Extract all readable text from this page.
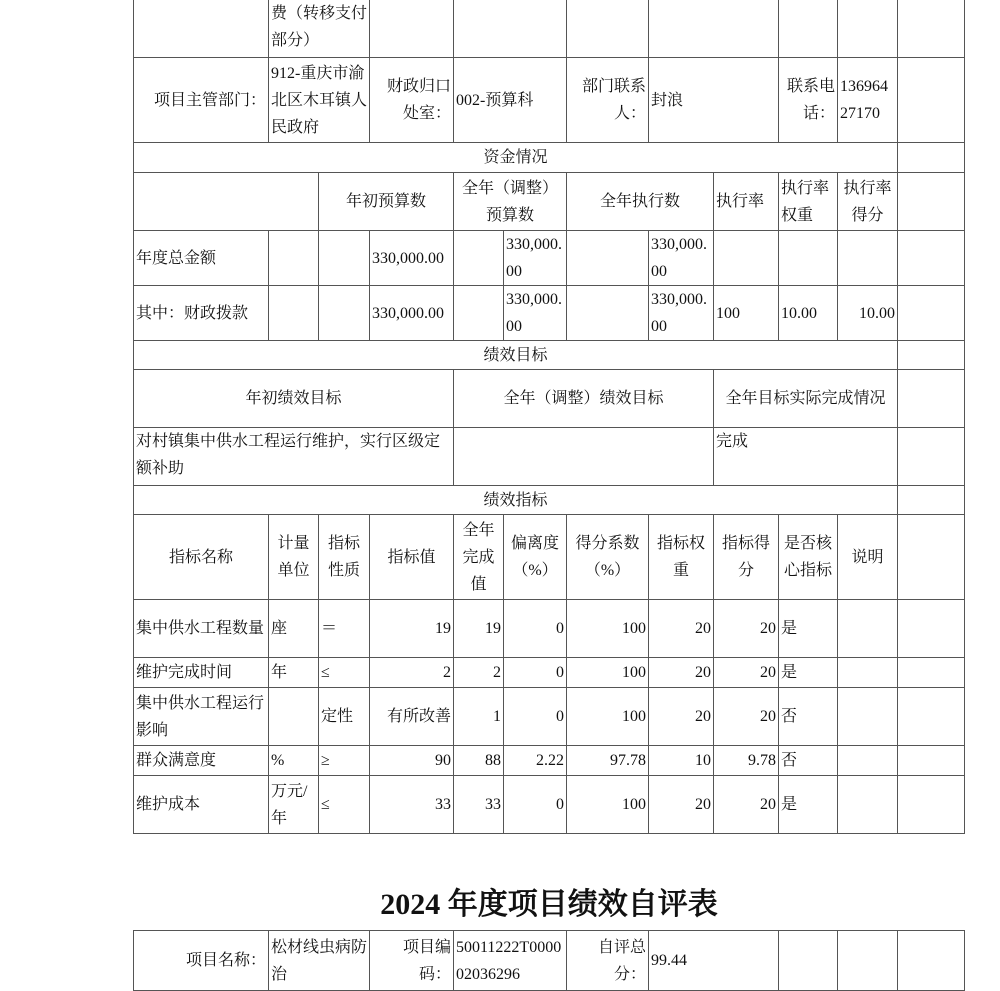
	费（转移支付部分）										
项目主管部门：	912-重庆市渝北区木耳镇人民政府		财政归口处室：	002-预算科		部门联系人：	封浪		联系电话：	13696427170	
资金情况											
		年初预算数		全年（调整）预算数		全年执行数		执行率	执行率权重	执行率得分	
年度总金额			330,000.00		330,000.00		330,000.00				
其中：财政拨款			330,000.00		330,000.00		330,000.00	100	10.00	10.00	
绩效目标											
年初绩效目标				全年（调整）绩效目标				全年目标实际完成情况			
对村镇集中供水工程运行维护，实行区级定额补助								完成			
绩效指标											
指标名称	计量单位	指标性质	指标值	全年完成值	偏离度（%）	得分系数（%）	指标权重	指标得分	是否核心指标	说明	
集中供水工程数量	座	＝	19	19	0	100	20	20	是		
维护完成时间	年	≤	2	2	0	100	20	20	是		
集中供水工程运行影响		定性	有所改善	1	0	100	20	20	否		
群众满意度	%	≥	90	88	2.22	97.78	10	9.78	否		
维护成本	万元/年	≤	33	33	0	100	20	20	是		
2024 年度项目绩效自评表
项目名称：	松材线虫病防治	项目编码：	50011222T000002036296	自评总分：	99.44			
